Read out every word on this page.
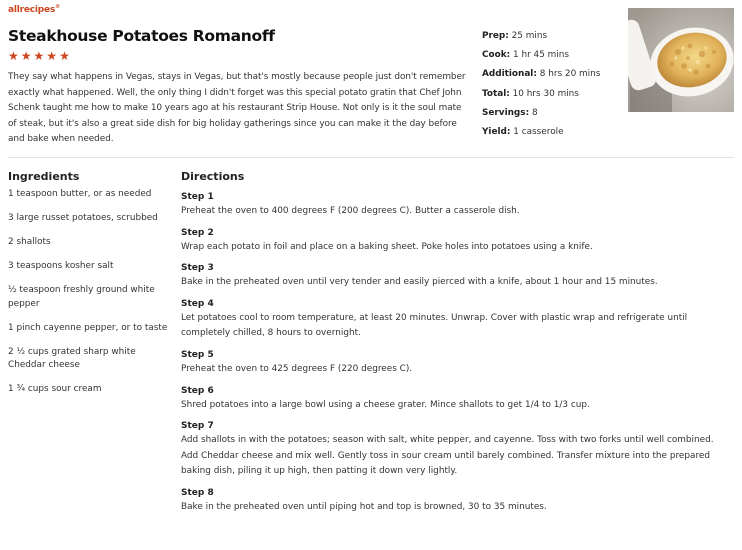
allrecipes®
Steakhouse Potatoes Romanoff
★ ★ ★ ★ ★

They say what happens in Vegas, stays in Vegas, but that's mostly because people just don't remember exactly what happened. Well, the only thing I didn't forget was this special potato gratin that Chef John Schenk taught me how to make 10 years ago at his restaurant Strip House. Not only is it the soul mate of steak, but it's also a great side dish for big holiday gatherings since you can make it the day before and bake when needed.

Prep: 25 mins
Cook: 1 hr 45 mins
Additional: 8 hrs 20 mins
Total: 10 hrs 30 mins
Servings: 8
Yield: 1 casserole
Ingredients
1 teaspoon butter, or as needed
3 large russet potatoes, scrubbed
2 shallots
3 teaspoons kosher salt
½ teaspoon freshly ground white pepper
1 pinch cayenne pepper, or to taste
2 ½ cups grated sharp white Cheddar cheese
1 ¾ cups sour cream
Directions
Step 1
Preheat the oven to 400 degrees F (200 degrees C). Butter a casserole dish.
Step 2
Wrap each potato in foil and place on a baking sheet. Poke holes into potatoes using a knife.
Step 3
Bake in the preheated oven until very tender and easily pierced with a knife, about 1 hour and 15 minutes.
Step 4
Let potatoes cool to room temperature, at least 20 minutes. Unwrap. Cover with plastic wrap and refrigerate until completely chilled, 8 hours to overnight.
Step 5
Preheat the oven to 425 degrees F (220 degrees C).
Step 6
Shred potatoes into a large bowl using a cheese grater. Mince shallots to get 1/4 to 1/3 cup.
Step 7
Add shallots in with the potatoes; season with salt, white pepper, and cayenne. Toss with two forks until well combined. Add Cheddar cheese and mix well. Gently toss in sour cream until barely combined. Transfer mixture into the prepared baking dish, piling it up high, then patting it down very lightly.
Step 8
Bake in the preheated oven until piping hot and top is browned, 30 to 35 minutes.
